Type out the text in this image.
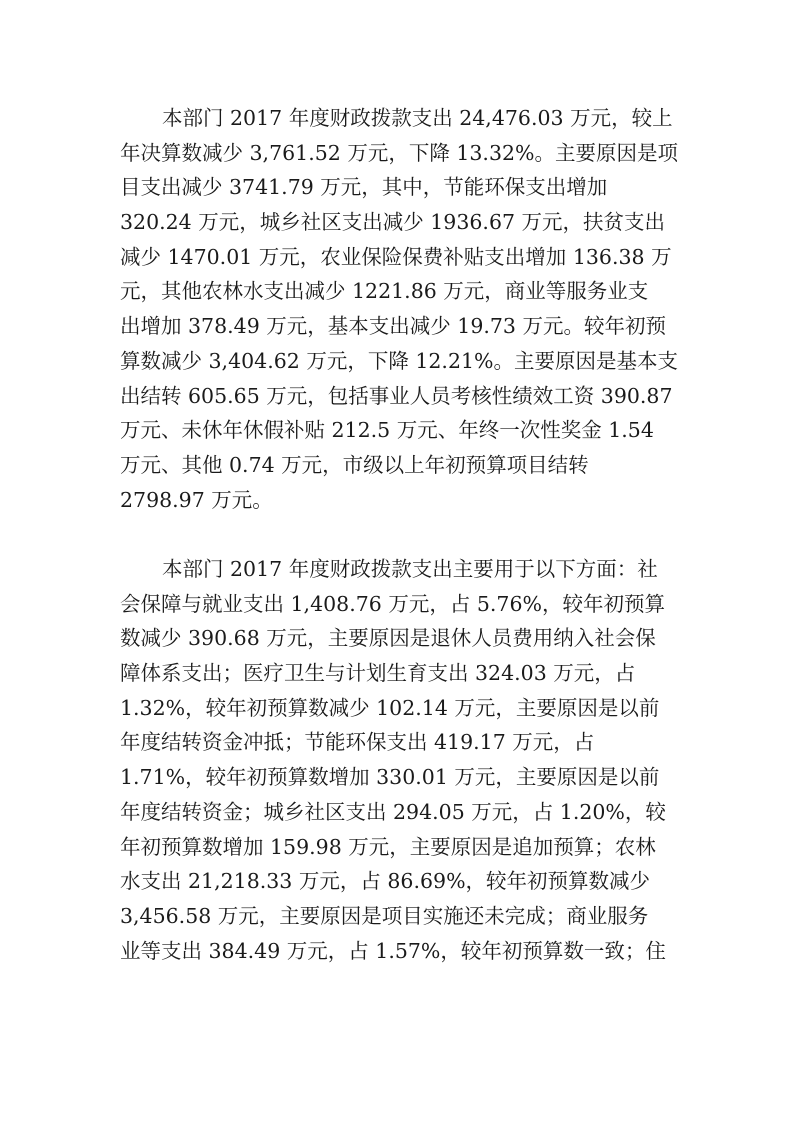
本部门 2017 年度财政拨款支出 24,476.03 万元，较上
年决算数减少 3,761.52 万元，下降 13.32%。主要原因是项
目支出减少 3741.79 万元，其中，节能环保支出增加
320.24 万元，城乡社区支出减少 1936.67 万元，扶贫支出
减少 1470.01 万元，农业保险保费补贴支出增加 136.38 万
元，其他农林水支出减少 1221.86 万元，商业等服务业支
出增加 378.49 万元，基本支出减少 19.73 万元。较年初预
算数减少 3,404.62 万元，下降 12.21%。主要原因是基本支
出结转 605.65 万元，包括事业人员考核性绩效工资 390.87
万元、未休年休假补贴 212.5 万元、年终一次性奖金 1.54
万元、其他 0.74 万元，市级以上年初预算项目结转
2798.97 万元。
本部门 2017 年度财政拨款支出主要用于以下方面：社
会保障与就业支出 1,408.76 万元，占 5.76%，较年初预算
数减少 390.68 万元，主要原因是退休人员费用纳入社会保
障体系支出；医疗卫生与计划生育支出 324.03 万元，占
1.32%，较年初预算数减少 102.14 万元，主要原因是以前
年度结转资金冲抵；节能环保支出 419.17 万元，占
1.71%，较年初预算数增加 330.01 万元，主要原因是以前
年度结转资金；城乡社区支出 294.05 万元，占 1.20%，较
年初预算数增加 159.98 万元，主要原因是追加预算；农林
水支出 21,218.33 万元，占 86.69%，较年初预算数减少
3,456.58 万元，主要原因是项目实施还未完成；商业服务
业等支出 384.49 万元，占 1.57%，较年初预算数一致；住
